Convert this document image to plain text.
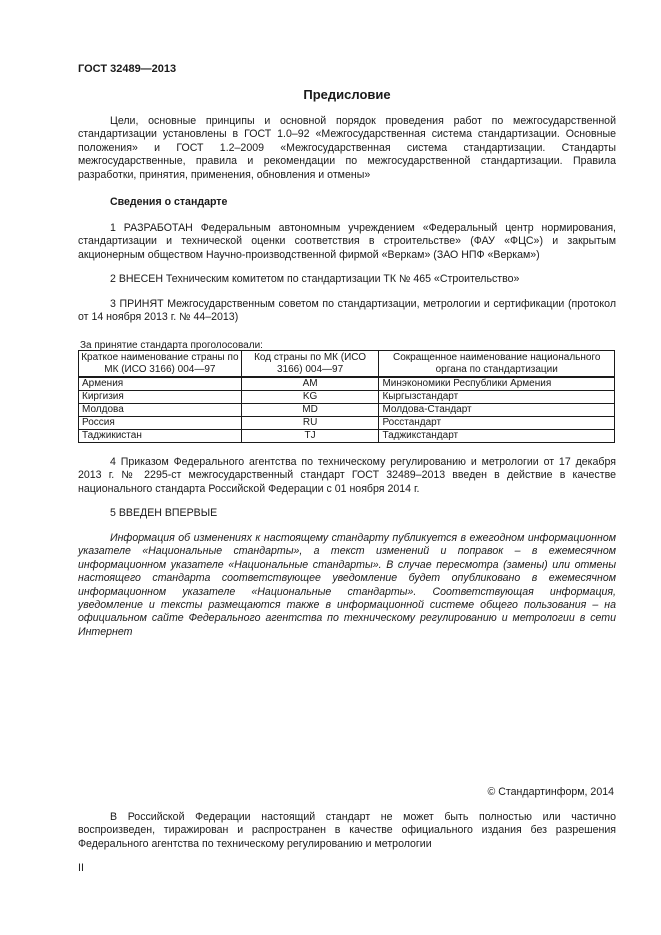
ГОСТ 32489—2013
Предисловие

Цели, основные принципы и основной порядок проведения работ по межгосударственной стандартизации установлены в ГОСТ 1.0–92 «Межгосударственная система стандартизации. Основные положения» и ГОСТ 1.2–2009 «Межгосударственная система стандартизации. Стандарты межгосударственные, правила и рекомендации по межгосударственной стандартизации. Правила разработки, принятия, применения, обновления и отмены»

Сведения о стандарте

1 РАЗРАБОТАН Федеральным автономным учреждением «Федеральный центр нормирования, стандартизации и технической оценки соответствия в строительстве» (ФАУ «ФЦС») и закрытым акционерным обществом Научно-производственной фирмой «Веркам» (ЗАО НПФ «Веркам»)

2 ВНЕСЕН Техническим комитетом по стандартизации ТК № 465 «Строительство»

3 ПРИНЯТ Межгосударственным советом по стандартизации, метрологии и сертификации (протокол от 14 ноября 2013 г. № 44–2013)

За принятие стандарта проголосовали:
Краткое наименование страны по МК (ИСО 3166) 004—97	Код страны по МК (ИСО 3166) 004—97	Сокращенное наименование национального органа по стандартизации
Армения	AM	Минэкономики Республики Армения
Киргизия	KG	Кыргызстандарт
Молдова	MD	Молдова-Стандарт
Россия	RU	Росстандарт
Таджикистан	TJ	Таджикстандарт

4 Приказом Федерального агентства по техническому регулированию и метрологии от 17 декабря 2013 г. № 2295-ст межгосударственный стандарт ГОСТ 32489–2013 введен в действие в качестве национального стандарта Российской Федерации с 01 ноября 2014 г.

5 ВВЕДЕН ВПЕРВЫЕ

Информация об изменениях к настоящему стандарту публикуется в ежегодном информационном указателе «Национальные стандарты», а текст изменений и поправок – в ежемесячном информационном указателе «Национальные стандарты». В случае пересмотра (замены) или отмены настоящего стандарта соответствующее уведомление будет опубликовано в ежемесячном информационном указателе «Национальные стандарты». Соответствующая информация, уведомление и тексты размещаются также в информационной системе общего пользования – на официальном сайте Федерального агентства по техническому регулированию и метрологии в сети Интернет

© Стандартинформ, 2014

В Российской Федерации настоящий стандарт не может быть полностью или частично воспроизведен, тиражирован и распространен в качестве официального издания без разрешения Федерального агентства по техническому регулированию и метрологии

II
